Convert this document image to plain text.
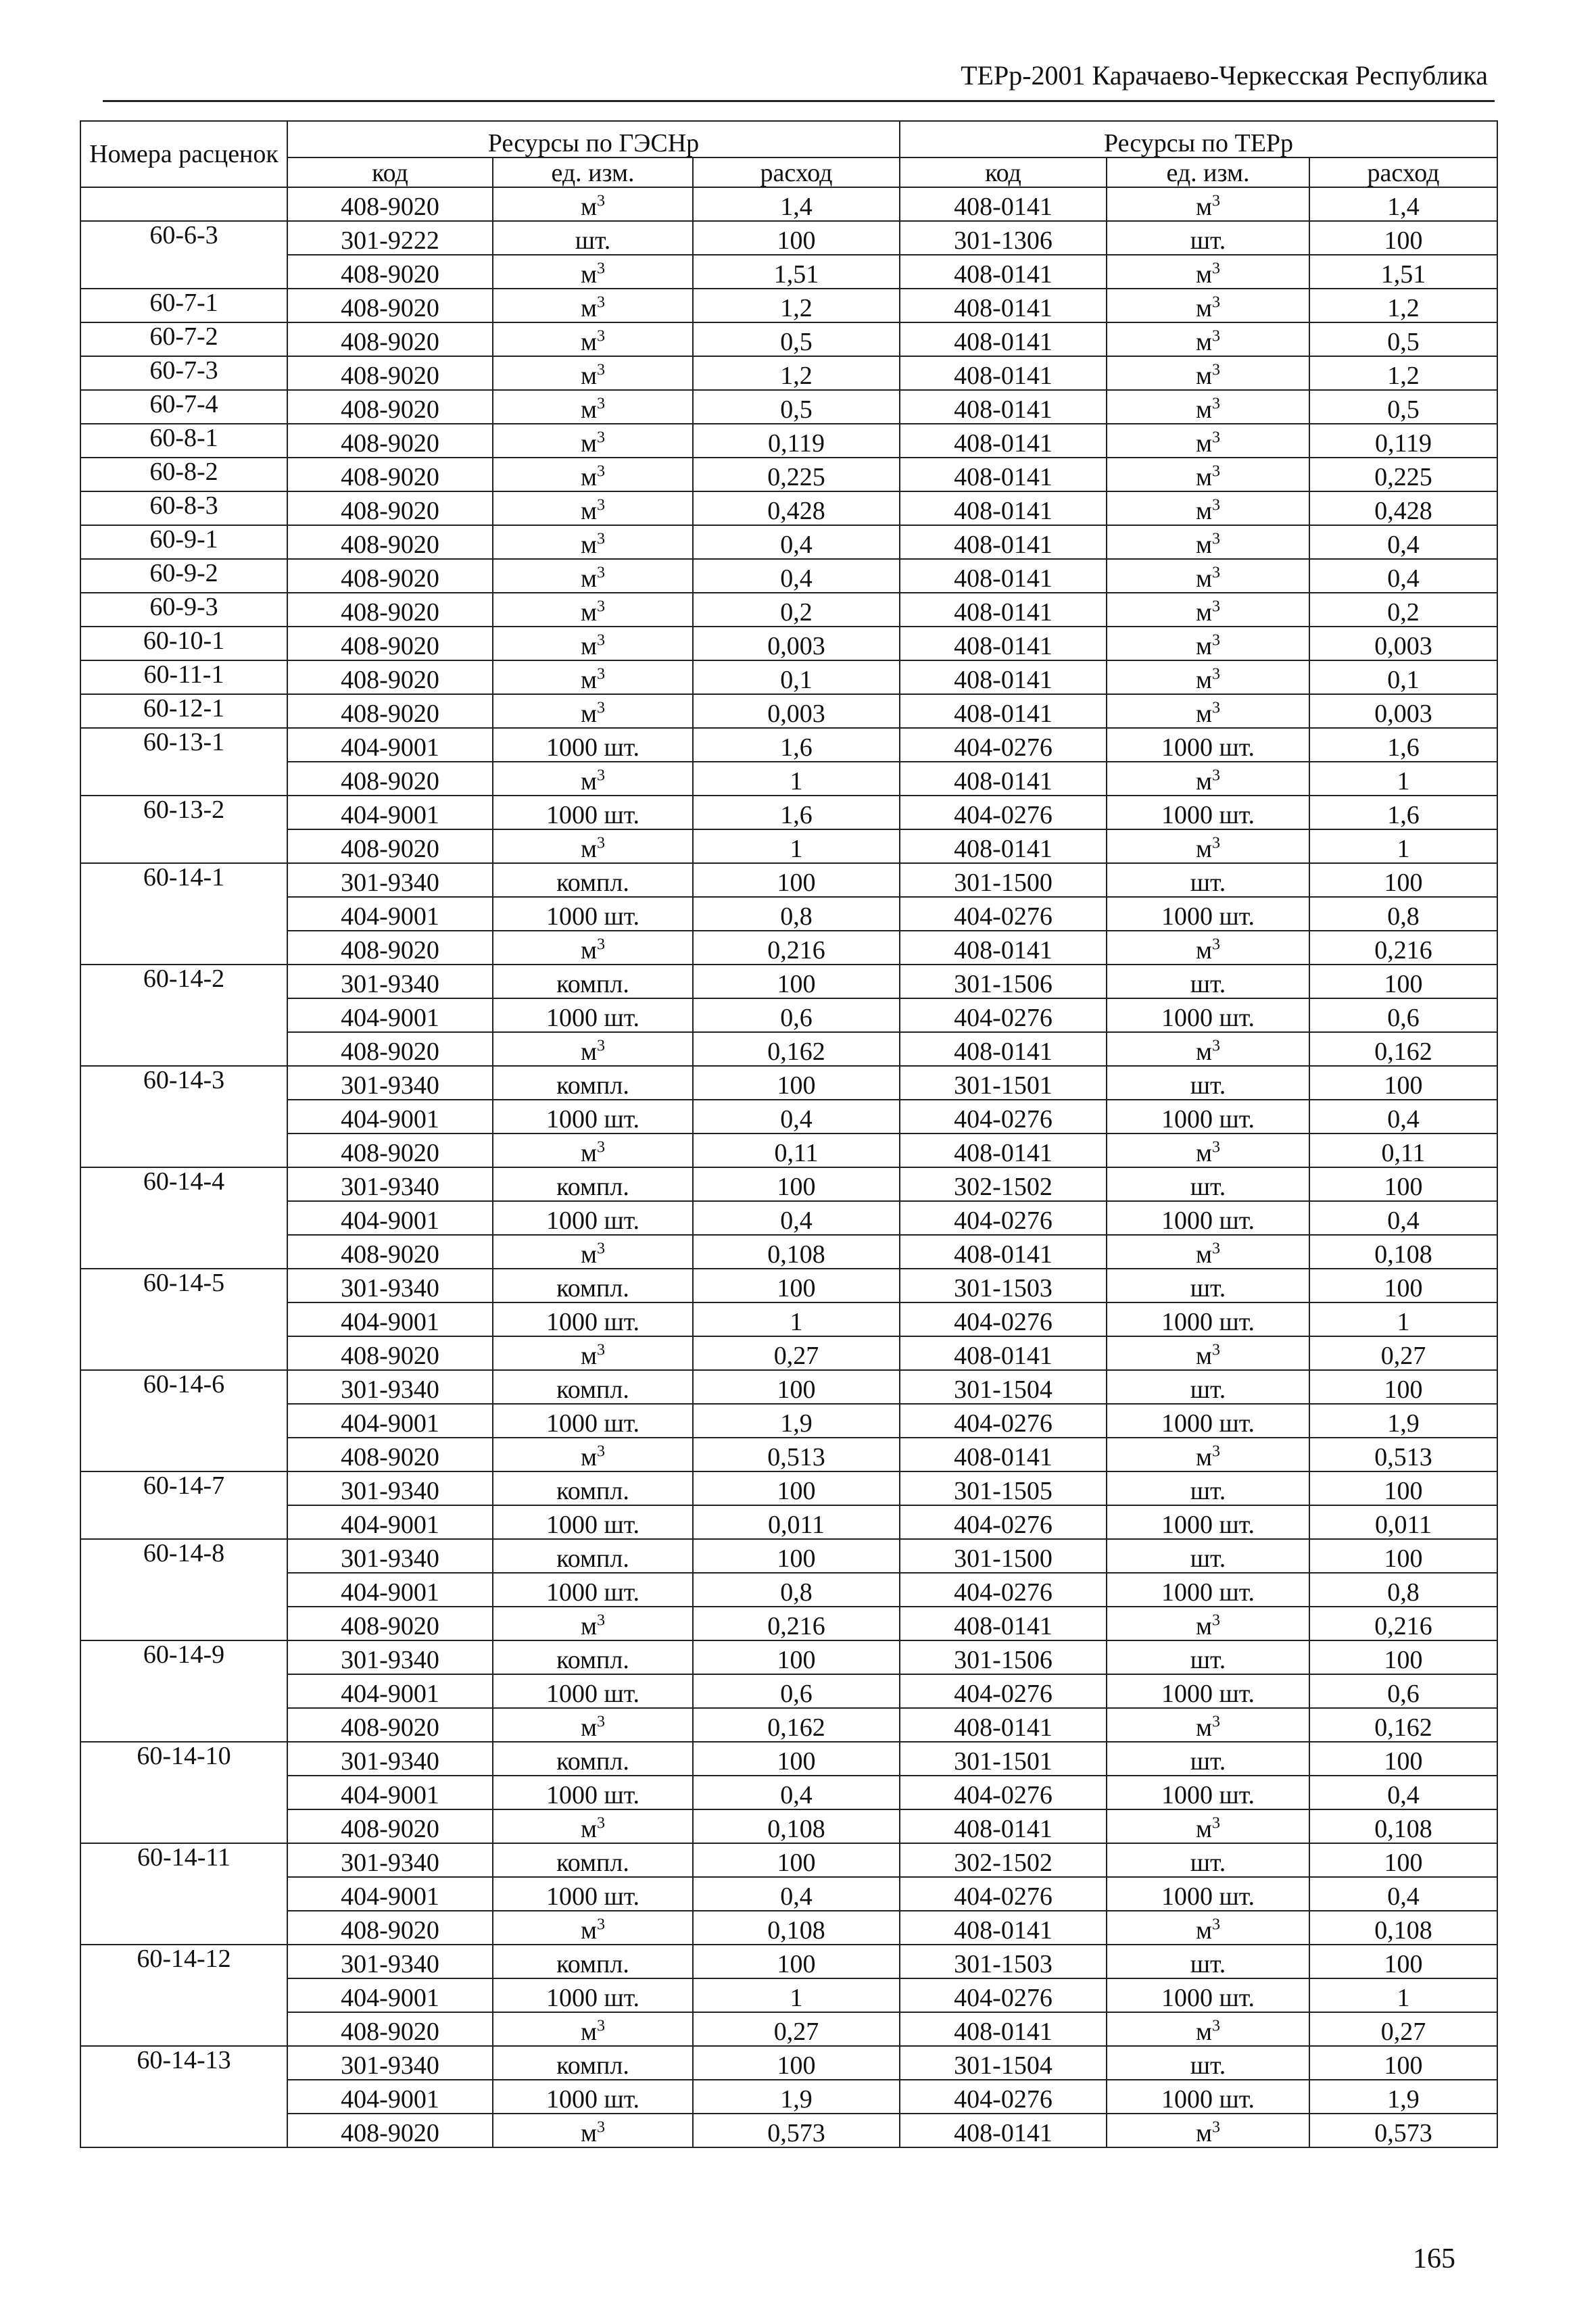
ТЕРр-2001 Карачаево-Черкесская Республика
Номера расценок	Ресурсы по ГЭСНр			Ресурсы по ТЕРр		
	код	ед. изм.	расход	код	ед. изм.	расход
	408-9020	$м^3$	1,4	408-0141	$м^3$	1,4
60-6-3	301-9222	шт.	100	301-1306	шт.	100
	408-9020	$м^3$	1,51	408-0141	$м^3$	1,51
60-7-1	408-9020	$м^3$	1,2	408-0141	$м^3$	1,2
60-7-2	408-9020	$м^3$	0,5	408-0141	$м^3$	0,5
60-7-3	408-9020	$м^3$	1,2	408-0141	$м^3$	1,2
60-7-4	408-9020	$м^3$	0,5	408-0141	$м^3$	0,5
60-8-1	408-9020	$м^3$	0,119	408-0141	$м^3$	0,119
60-8-2	408-9020	$м^3$	0,225	408-0141	$м^3$	0,225
60-8-3	408-9020	$м^3$	0,428	408-0141	$м^3$	0,428
60-9-1	408-9020	$м^3$	0,4	408-0141	$м^3$	0,4
60-9-2	408-9020	$м^3$	0,4	408-0141	$м^3$	0,4
60-9-3	408-9020	$м^3$	0,2	408-0141	$м^3$	0,2
60-10-1	408-9020	$м^3$	0,003	408-0141	$м^3$	0,003
60-11-1	408-9020	$м^3$	0,1	408-0141	$м^3$	0,1
60-12-1	408-9020	$м^3$	0,003	408-0141	$м^3$	0,003
60-13-1	404-9001	1000 шт.	1,6	404-0276	1000 шт.	1,6
	408-9020	$м^3$	1	408-0141	$м^3$	1
60-13-2	404-9001	1000 шт.	1,6	404-0276	1000 шт.	1,6
	408-9020	$м^3$	1	408-0141	$м^3$	1
60-14-1	301-9340	компл.	100	301-1500	шт.	100
	404-9001	1000 шт.	0,8	404-0276	1000 шт.	0,8
	408-9020	$м^3$	0,216	408-0141	$м^3$	0,216
60-14-2	301-9340	компл.	100	301-1506	шт.	100
	404-9001	1000 шт.	0,6	404-0276	1000 шт.	0,6
	408-9020	$м^3$	0,162	408-0141	$м^3$	0,162
60-14-3	301-9340	компл.	100	301-1501	шт.	100
	404-9001	1000 шт.	0,4	404-0276	1000 шт.	0,4
	408-9020	$м^3$	0,11	408-0141	$м^3$	0,11
60-14-4	301-9340	компл.	100	302-1502	шт.	100
	404-9001	1000 шт.	0,4	404-0276	1000 шт.	0,4
	408-9020	$м^3$	0,108	408-0141	$м^3$	0,108
60-14-5	301-9340	компл.	100	301-1503	шт.	100
	404-9001	1000 шт.	1	404-0276	1000 шт.	1
	408-9020	$м^3$	0,27	408-0141	$м^3$	0,27
60-14-6	301-9340	компл.	100	301-1504	шт.	100
	404-9001	1000 шт.	1,9	404-0276	1000 шт.	1,9
	408-9020	$м^3$	0,513	408-0141	$м^3$	0,513
60-14-7	301-9340	компл.	100	301-1505	шт.	100
	404-9001	1000 шт.	0,011	404-0276	1000 шт.	0,011
60-14-8	301-9340	компл.	100	301-1500	шт.	100
	404-9001	1000 шт.	0,8	404-0276	1000 шт.	0,8
	408-9020	$м^3$	0,216	408-0141	$м^3$	0,216
60-14-9	301-9340	компл.	100	301-1506	шт.	100
	404-9001	1000 шт.	0,6	404-0276	1000 шт.	0,6
	408-9020	$м^3$	0,162	408-0141	$м^3$	0,162
60-14-10	301-9340	компл.	100	301-1501	шт.	100
	404-9001	1000 шт.	0,4	404-0276	1000 шт.	0,4
	408-9020	$м^3$	0,108	408-0141	$м^3$	0,108
60-14-11	301-9340	компл.	100	302-1502	шт.	100
	404-9001	1000 шт.	0,4	404-0276	1000 шт.	0,4
	408-9020	$м^3$	0,108	408-0141	$м^3$	0,108
60-14-12	301-9340	компл.	100	301-1503	шт.	100
	404-9001	1000 шт.	1	404-0276	1000 шт.	1
	408-9020	$м^3$	0,27	408-0141	$м^3$	0,27
60-14-13	301-9340	компл.	100	301-1504	шт.	100
	404-9001	1000 шт.	1,9	404-0276	1000 шт.	1,9
	408-9020	$м^3$	0,573	408-0141	$м^3$	0,573
165
